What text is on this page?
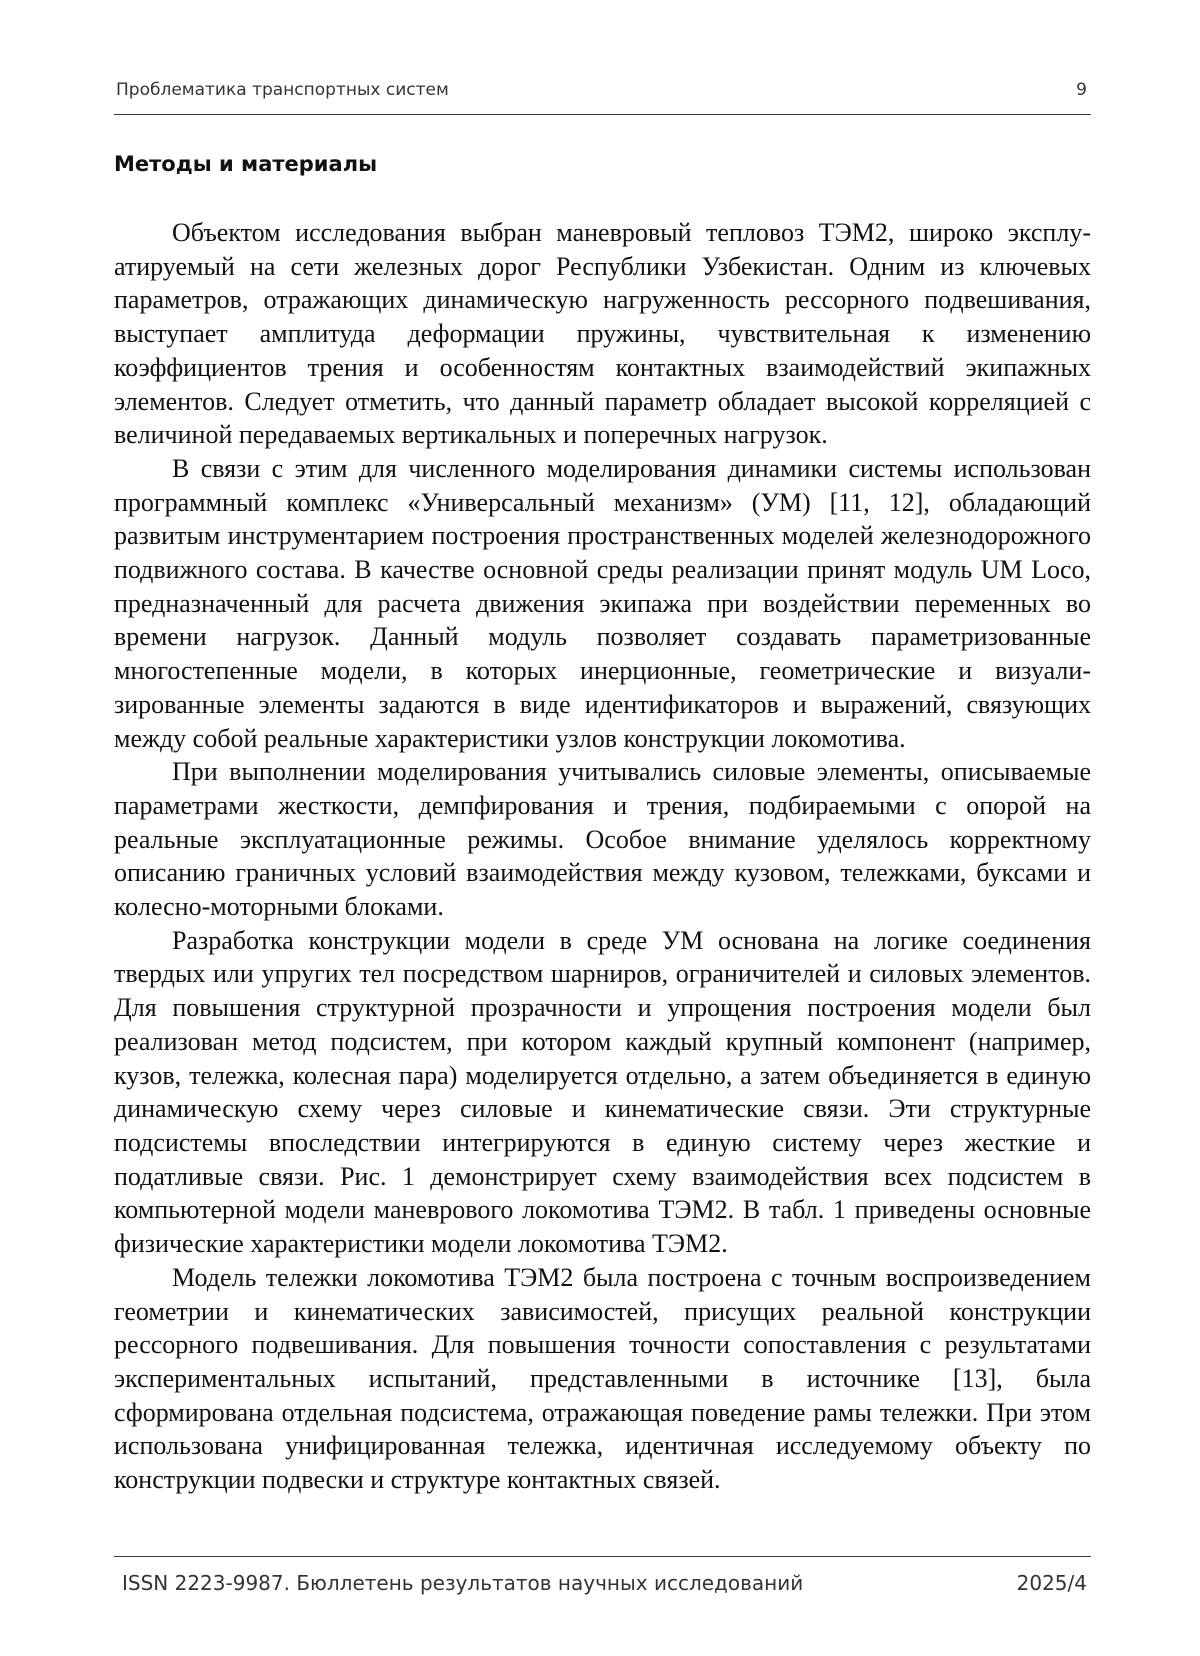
Проблематика транспортных систем	9
Методы и материалы

Объектом исследования выбран маневровый тепловоз ТЭМ2, широко эксплуатируемый на сети железных дорог Республики Узбекистан. Одним из ключевых параметров, отражающих динамическую нагруженность рессорного подвешивания, выступает амплитуда деформации пружины, чувствительная к изменению коэффициентов трения и особенностям контактных взаимодействий экипажных элементов. Следует отметить, что данный параметр обладает высокой корреляцией с величиной передаваемых вертикальных и поперечных нагрузок.

В связи с этим для численного моделирования динамики системы использован программный комплекс «Универсальный механизм» (УМ) [11, 12], обладающий развитым инструментарием построения пространственных моделей железнодорожного подвижного состава. В качестве основной среды реализации принят модуль UM Loco, предназначенный для расчета движения экипажа при воздействии переменных во времени нагрузок. Данный модуль позволяет создавать параметризованные многостепенные модели, в которых инерционные, геометрические и визуализированные элементы задаются в виде идентификаторов и выражений, связующих между собой реальные характеристики узлов конструкции локомотива.

При выполнении моделирования учитывались силовые элементы, описываемые параметрами жесткости, демпфирования и трения, подбираемыми с опорой на реальные эксплуатационные режимы. Особое внимание уделялось корректному описанию граничных условий взаимодействия между кузовом, тележками, буксами и колесно-моторными блоками.

Разработка конструкции модели в среде УМ основана на логике соединения твердых или упругих тел посредством шарниров, ограничителей и силовых элементов. Для повышения структурной прозрачности и упрощения построения модели был реализован метод подсистем, при котором каждый крупный компонент (например, кузов, тележка, колесная пара) моделируется отдельно, а затем объединяется в единую динамическую схему через силовые и кинематические связи. Эти структурные подсистемы впоследствии интегрируются в единую систему через жесткие и податливые связи. Рис. 1 демонстрирует схему взаимодействия всех подсистем в компьютерной модели маневрового локомотива ТЭМ2. В табл. 1 приведены основные физические характеристики модели локомотива ТЭМ2.

Модель тележки локомотива ТЭМ2 была построена с точным воспроизведением геометрии и кинематических зависимостей, присущих реальной конструкции рессорного подвешивания. Для повышения точности сопоставления с результатами экспериментальных испытаний, представленными в источнике [13], была сформирована отдельная подсистема, отражающая поведение рамы тележки. При этом использована унифицированная тележка, идентичная исследуемому объекту по конструкции подвески и структуре контактных связей.

ISSN 2223-9987. Бюллетень результатов научных исследований	2025/4
